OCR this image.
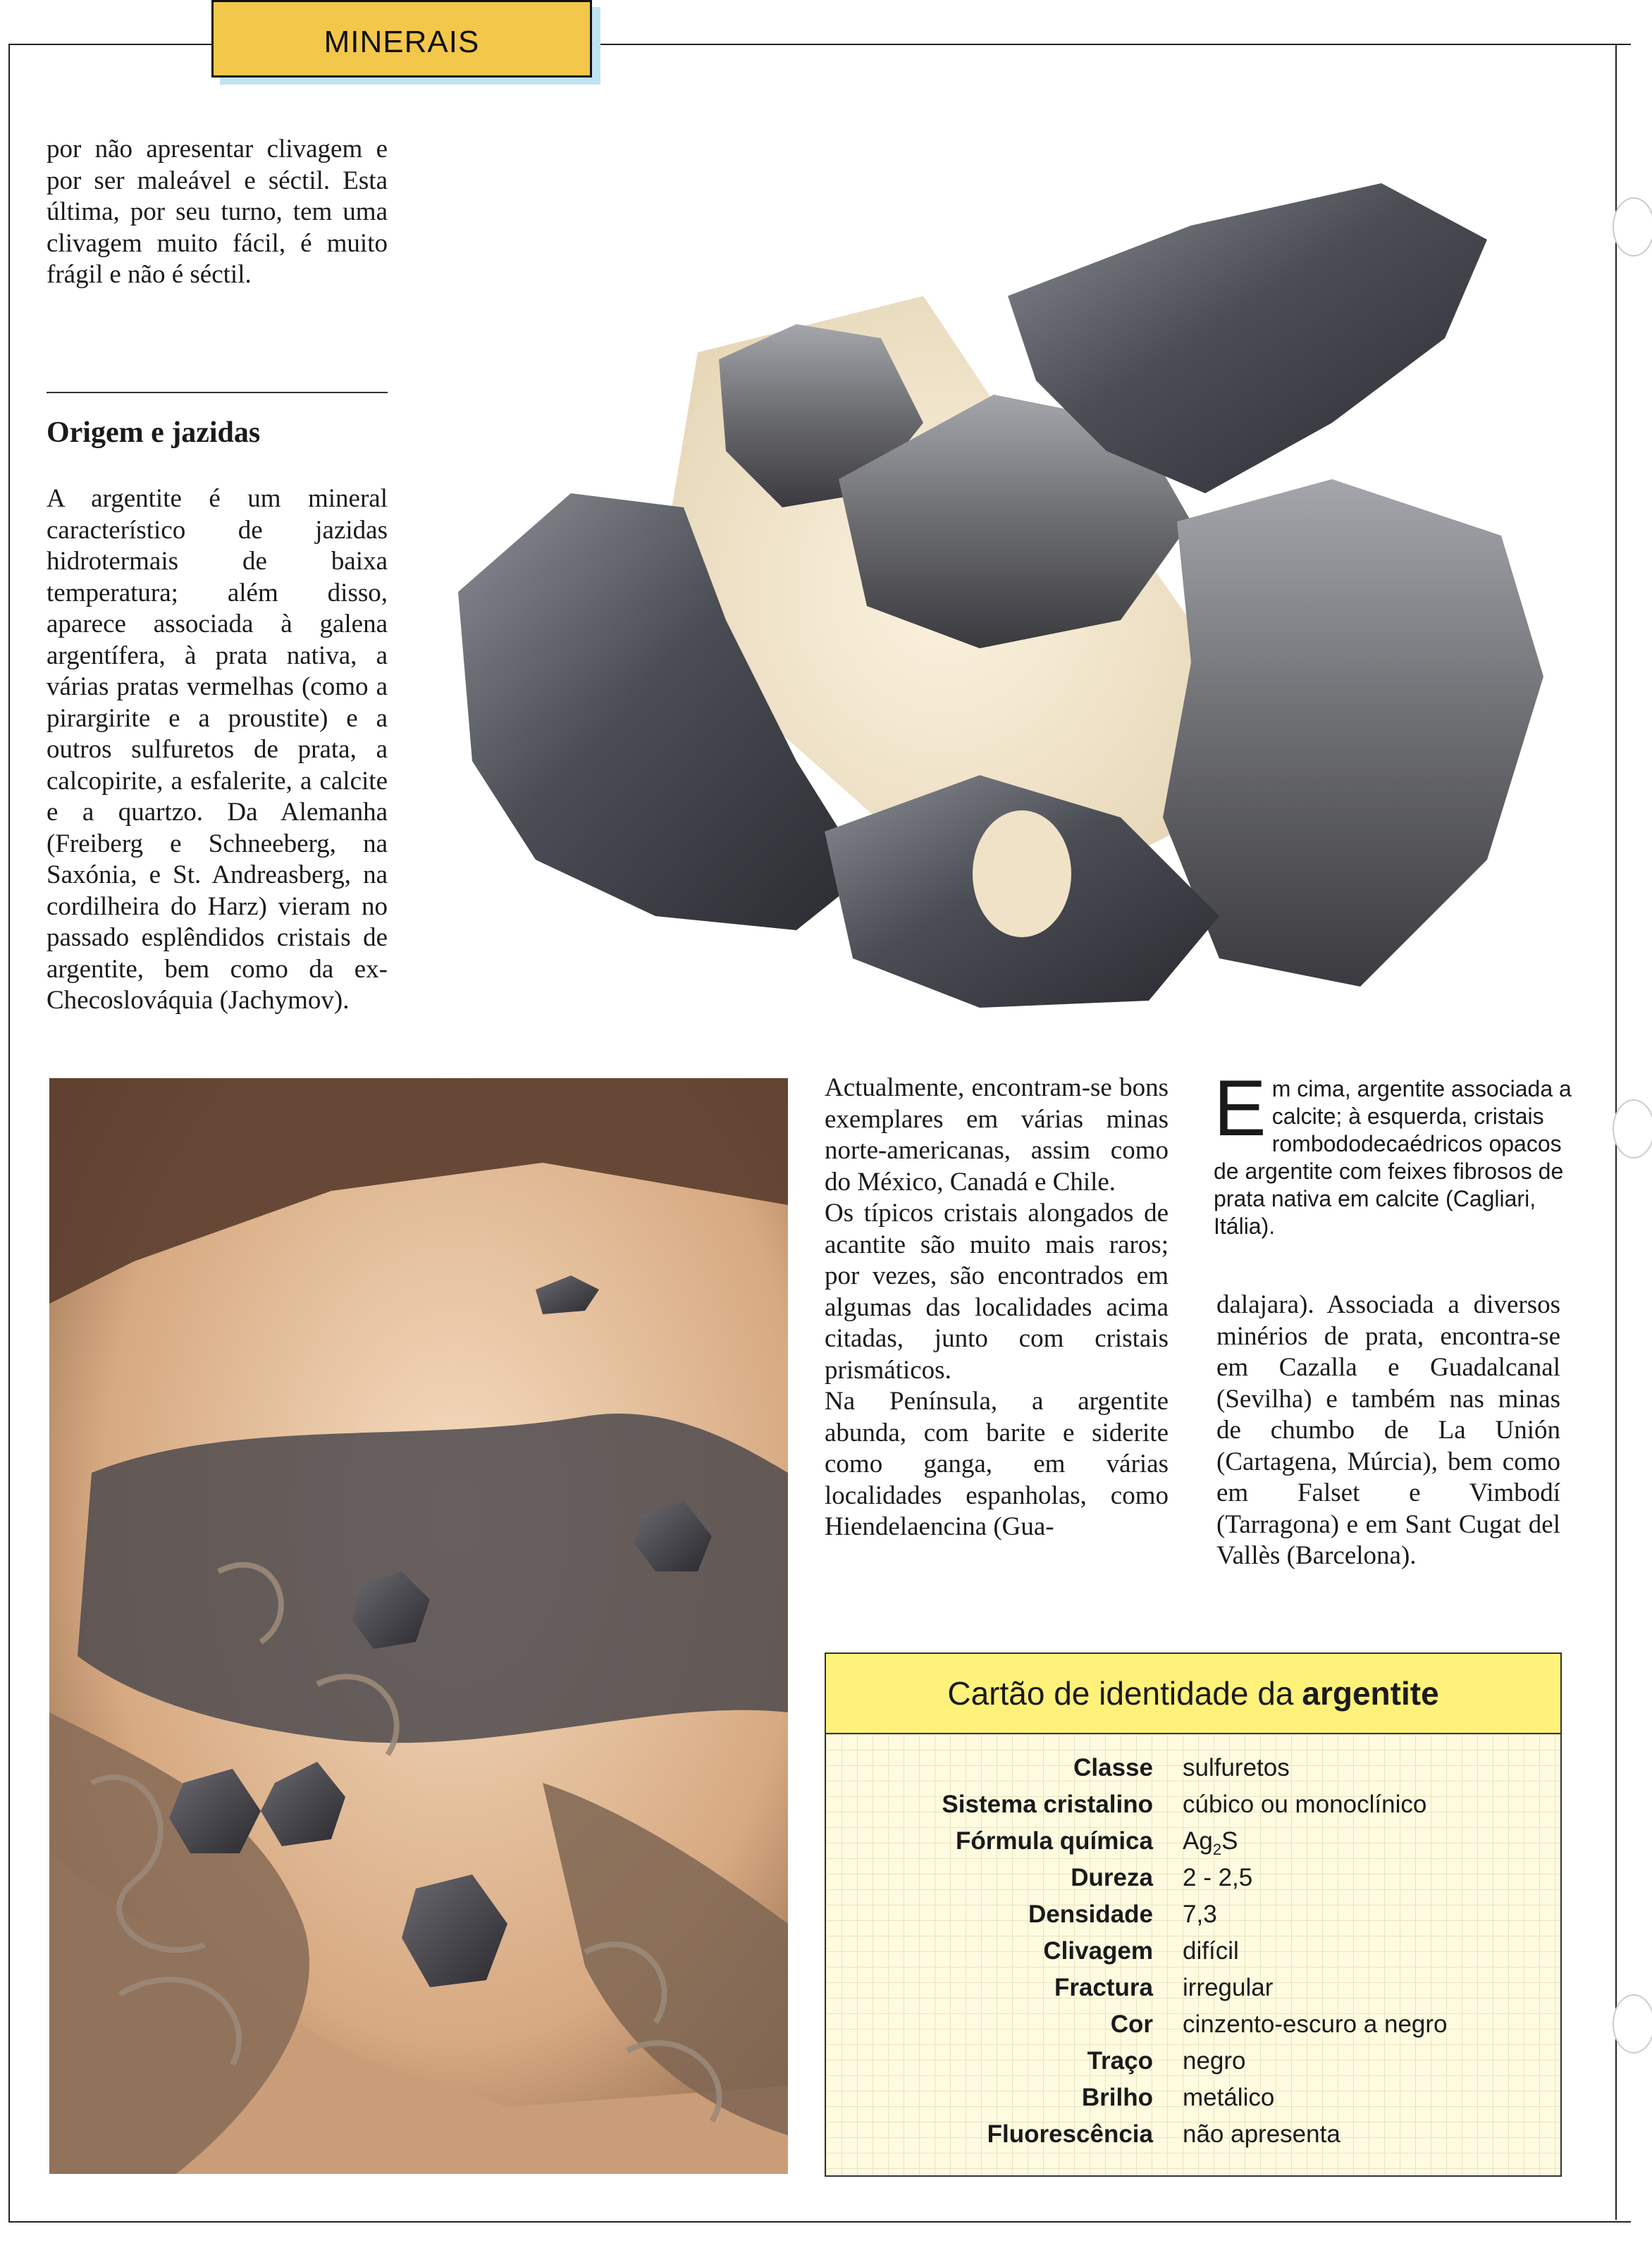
MINERAIS

por não apresentar clivagem e por ser maleável e séctil. Esta última, por seu turno, tem uma clivagem muito fácil, é muito frágil e não é séctil.

Origem e jazidas

A argentite é um mineral característico de jazidas hidrotermais de baixa temperatura; além disso, aparece associada à galena argentífera, à prata nativa, a várias pratas vermelhas (como a pirargirite e a proustite) e a outros sulfuretos de prata, a calcopirite, a esfalerite, a calcite e a quartzo. Da Alemanha (Freiberg e Schneeberg, na Saxónia, e St. Andreasberg, na cordilheira do Harz) vieram no passado esplêndidos cristais de argentite, bem como da ex-Checoslováquia (Jachymov).

Actualmente, encontram-se bons exemplares em várias minas norte-americanas, assim como do México, Canadá e Chile.

Os típicos cristais alongados de acantite são muito mais raros; por vezes, são encontrados em algumas das localidades acima citadas, junto com cristais prismáticos.

Na Península, a argentite abunda, com barite e siderite como ganga, em várias localidades espanholas, como Hiendelaencina (Gua-

Em cima, argentite associada a calcite; à esquerda, cristais rombododecaédricos opacos de argentite com feixes fibrosos de prata nativa em calcite (Cagliari, Itália).

dalajara). Associada a diversos minérios de prata, encontra-se em Cazalla e Guadalcanal (Sevilha) e também nas minas de chumbo de La Unión (Cartagena, Múrcia), bem como em Falset e Vimbodí (Tarragona) e em Sant Cugat del Vallès (Barcelona).

Cartão de identidade da argentite
Classe sulfuretos
Sistema cristalino cúbico ou monoclínico
Fórmula química $Ag_2S$
Dureza 2 - 2,5
Densidade 7,3
Clivagem difícil
Fractura irregular
Cor cinzento-escuro a negro
Traço negro
Brilho metálico
Fluorescência não apresenta
